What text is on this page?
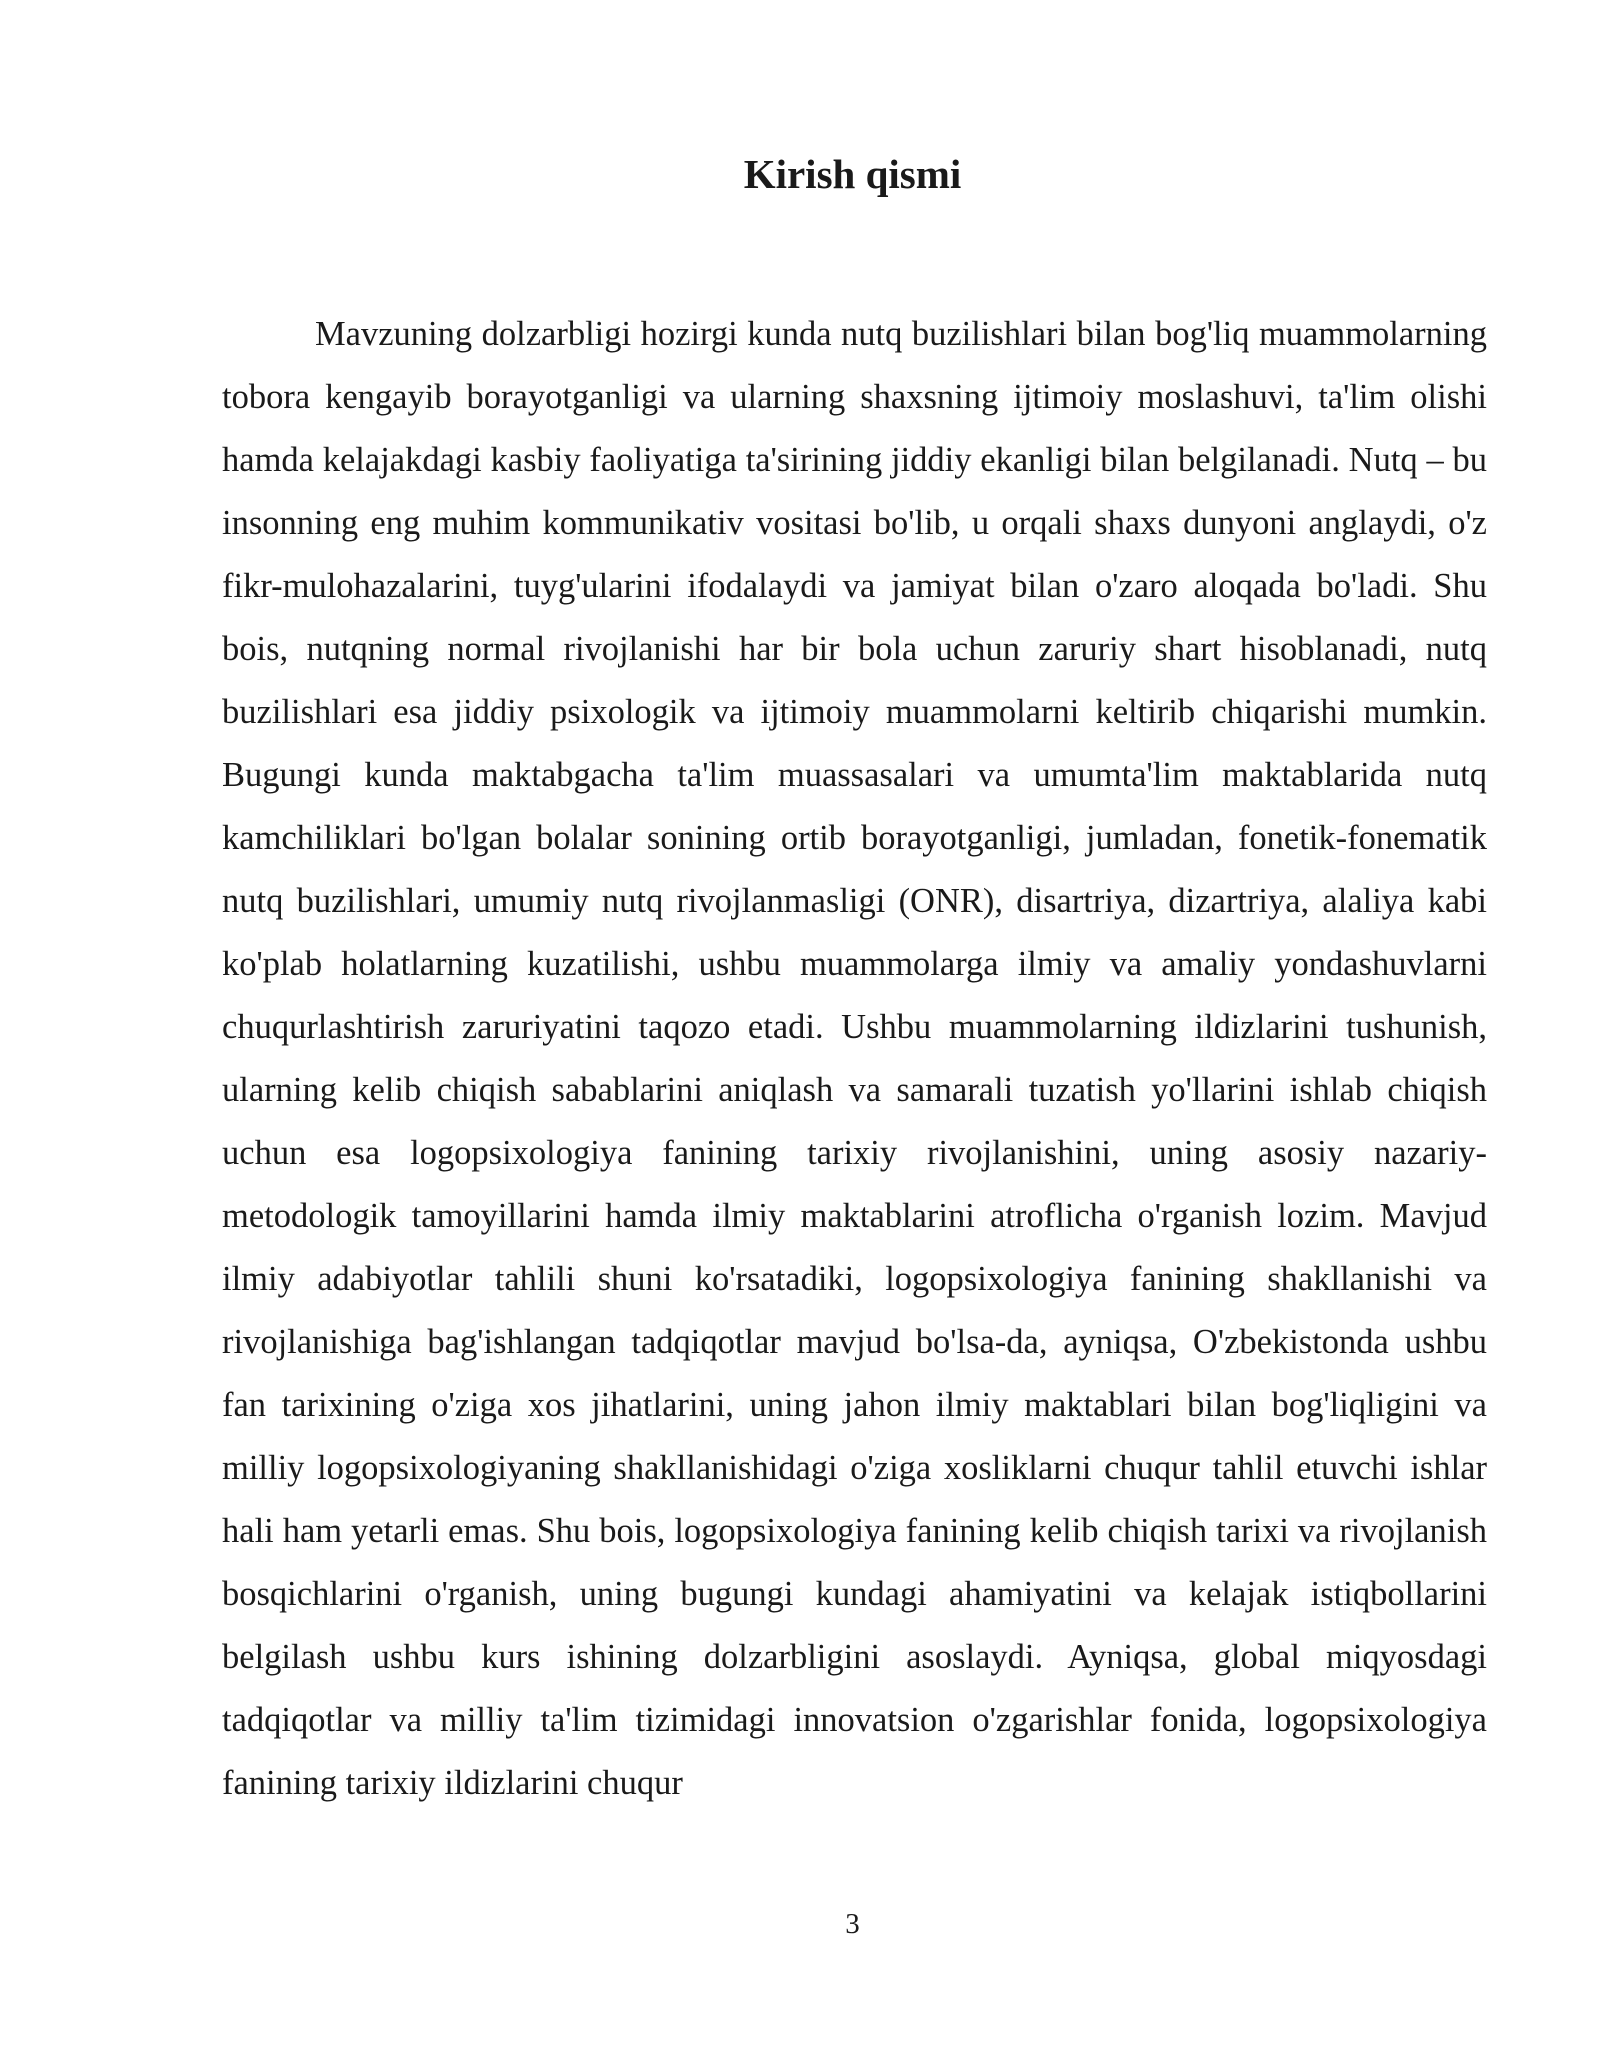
Kirish qismi

Mavzuning dolzarbligi hozirgi kunda nutq buzilishlari bilan bog'liq muammolarning tobora kengayib borayotganligi va ularning shaxsning ijtimoiy moslashuvi, ta'lim olishi hamda kelajakdagi kasbiy faoliyatiga ta'sirining jiddiy ekanligi bilan belgilanadi. Nutq – bu insonning eng muhim kommunikativ vositasi bo'lib, u orqali shaxs dunyoni anglaydi, o'z fikr-mulohazalarini, tuyg'ularini ifodalaydi va jamiyat bilan o'zaro aloqada bo'ladi. Shu bois, nutqning normal rivojlanishi har bir bola uchun zaruriy shart hisoblanadi, nutq buzilishlari esa jiddiy psixologik va ijtimoiy muammolarni keltirib chiqarishi mumkin. Bugungi kunda maktabgacha ta'lim muassasalari va umumta'lim maktablarida nutq kamchiliklari bo'lgan bolalar sonining ortib borayotganligi, jumladan, fonetik-fonematik nutq buzilishlari, umumiy nutq rivojlanmasligi (ONR), disartriya, dizartriya, alaliya kabi ko'plab holatlarning kuzatilishi, ushbu muammolarga ilmiy va amaliy yondashuvlarni chuqurlashtirish zaruriyatini taqozo etadi. Ushbu muammolarning ildizlarini tushunish, ularning kelib chiqish sabablarini aniqlash va samarali tuzatish yo'llarini ishlab chiqish uchun esa logopsixologiya fanining tarixiy rivojlanishini, uning asosiy nazariy-metodologik tamoyillarini hamda ilmiy maktablarini atroflicha o'rganish lozim. Mavjud ilmiy adabiyotlar tahlili shuni ko'rsatadiki, logopsixologiya fanining shakllanishi va rivojlanishiga bag'ishlangan tadqiqotlar mavjud bo'lsa-da, ayniqsa, O'zbekistonda ushbu fan tarixining o'ziga xos jihatlarini, uning jahon ilmiy maktablari bilan bog'liqligini va milliy logopsixologiyaning shakllanishidagi o'ziga xosliklarni chuqur tahlil etuvchi ishlar hali ham yetarli emas. Shu bois, logopsixologiya fanining kelib chiqish tarixi va rivojlanish bosqichlarini o'rganish, uning bugungi kundagi ahamiyatini va kelajak istiqbollarini belgilash ushbu kurs ishining dolzarbligini asoslaydi. Ayniqsa, global miqyosdagi tadqiqotlar va milliy ta'lim tizimidagi innovatsion o'zgarishlar fonida, logopsixologiya fanining tarixiy ildizlarini chuqur

3
